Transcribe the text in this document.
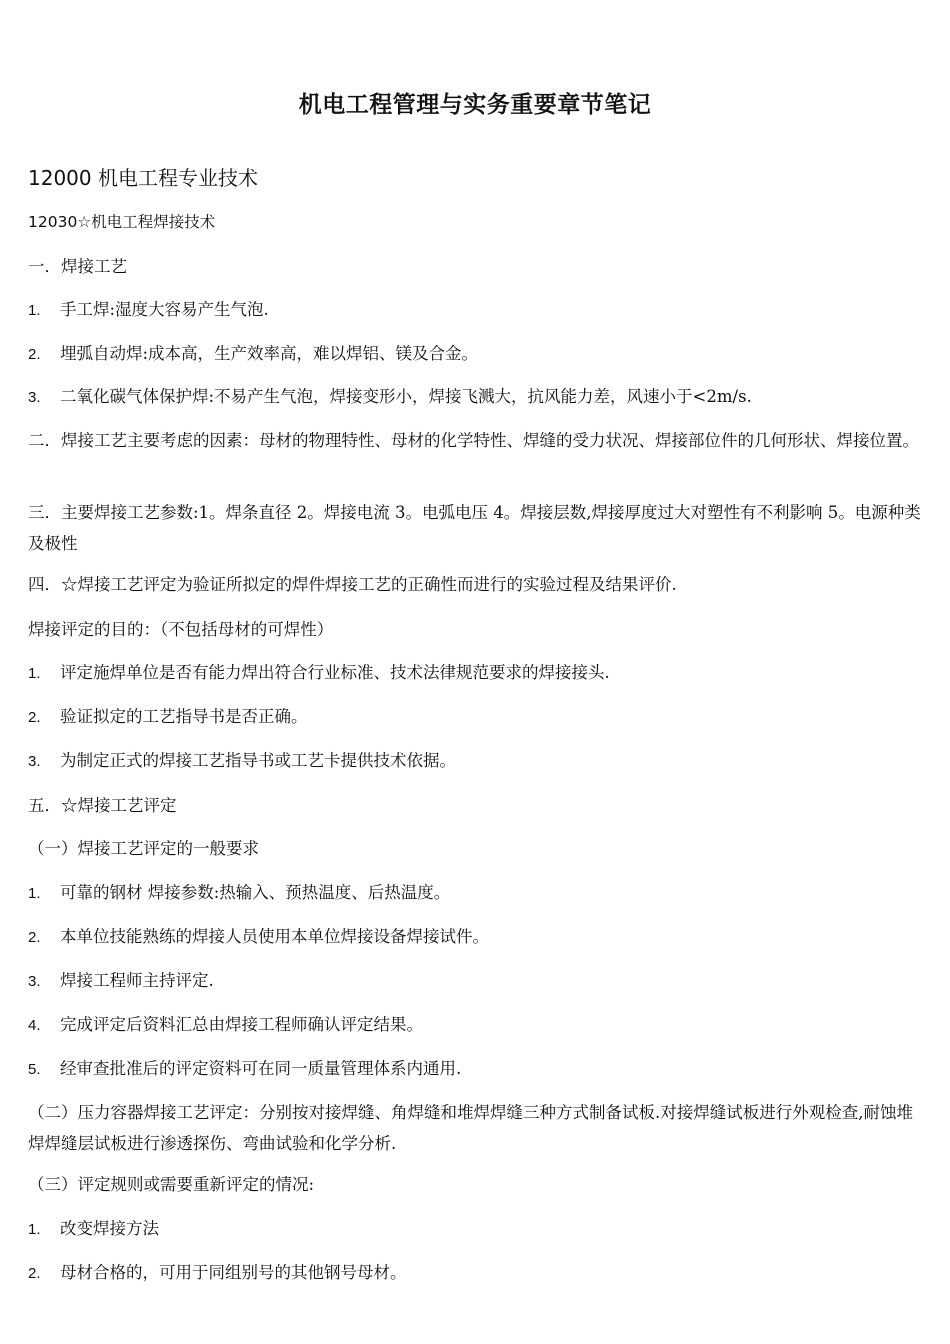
机电工程管理与实务重要章节笔记
12000 机电工程专业技术
12030☆机电工程焊接技术
一．焊接工艺
1. 手工焊:湿度大容易产生气泡.
2. 埋弧自动焊:成本高，生产效率高，难以焊铝、镁及合金。
3. 二氧化碳气体保护焊:不易产生气泡，焊接变形小，焊接飞溅大，抗风能力差，风速小于<2m/s.
二．焊接工艺主要考虑的因素：母材的物理特性、母材的化学特性、焊缝的受力状况、焊接部位件的几何形状、焊接位置。
三．主要焊接工艺参数:1。焊条直径 2。焊接电流 3。电弧电压 4。焊接层数,焊接厚度过大对塑性有不利影响 5。电源种类及极性
四．☆焊接工艺评定为验证所拟定的焊件焊接工艺的正确性而进行的实验过程及结果评价.
焊接评定的目的：（不包括母材的可焊性）
1. 评定施焊单位是否有能力焊出符合行业标准、技术法律规范要求的焊接接头.
2. 验证拟定的工艺指导书是否正确。
3. 为制定正式的焊接工艺指导书或工艺卡提供技术依据。
五．☆焊接工艺评定
（一）焊接工艺评定的一般要求
1. 可靠的钢材 焊接参数:热输入、预热温度、后热温度。
2. 本单位技能熟练的焊接人员使用本单位焊接设备焊接试件。
3. 焊接工程师主持评定.
4. 完成评定后资料汇总由焊接工程师确认评定结果。
5. 经审查批准后的评定资料可在同一质量管理体系内通用.
（二）压力容器焊接工艺评定：分别按对接焊缝、角焊缝和堆焊焊缝三种方式制备试板.对接焊缝试板进行外观检查,耐蚀堆焊焊缝层试板进行渗透探伤、弯曲试验和化学分析.
（三）评定规则或需要重新评定的情况:
1. 改变焊接方法
2. 母材合格的，可用于同组别号的其他钢号母材。
